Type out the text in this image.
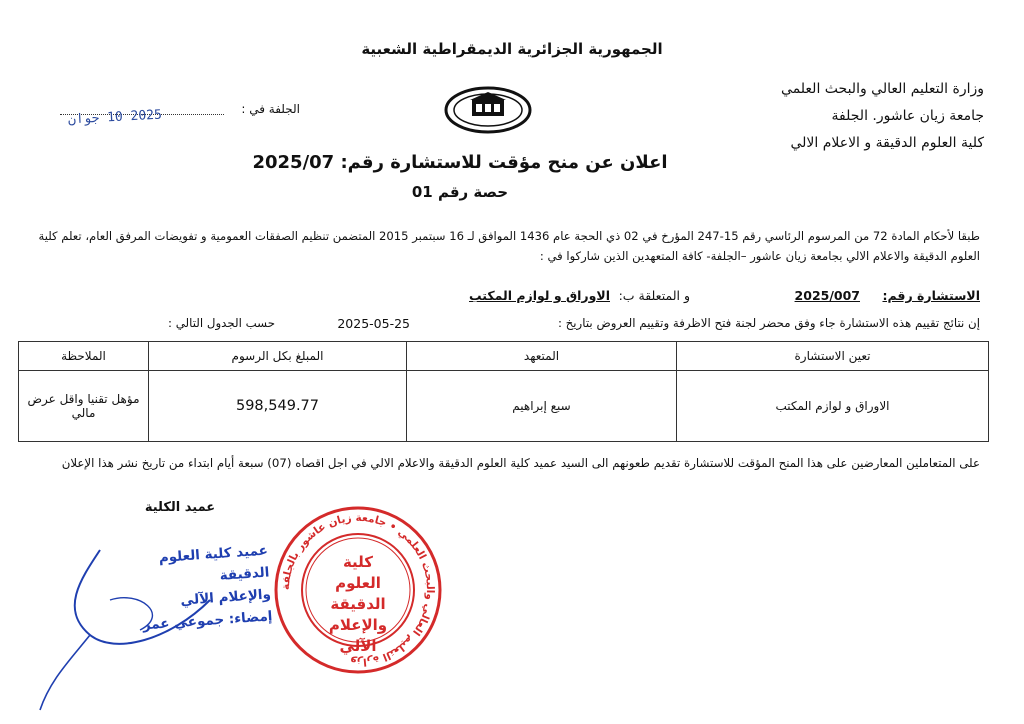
الجمهورية الجزائرية الديمقراطية الشعبية
وزارة التعليم العالي والبحث العلمي
جامعة زيان عاشور. الجلفة
كلية العلوم الدقيقة و الاعلام الالي
الجلفة في :
2025 10 جوان
اعلان عن منح مؤقت للاستشارة رقم: 2025/07
حصة رقم 01
طبقا لأحكام المادة 72 من المرسوم الرئاسي رقم 15-247 المؤرخ في 02 ذي الحجة عام 1436 الموافق لـ 16 سبتمبر 2015 المتضمن تنظيم الصفقات العمومية و تفويضات المرفق العام، تعلم كلية العلوم الدقيقة والاعلام الالي بجامعة زيان عاشور –الجلفة- كافة المتعهدين الذين شاركوا في :
الاستشارة رقم:
2025/007
و المتعلقة ب:
الاوراق و لوازم المكتب
إن نتائج تقييم هذه الاستشارة جاء وفق محضر لجنة فتح الاظرفة وتقييم العروض بتاريخ :
2025-05-25
حسب الجدول التالي :
تعين الاستشارة	المتعهد	المبلغ بكل الرسوم	الملاحظة
الاوراق و لوازم المكتب	سبع إبراهيم	598,549.77	مؤهل تقنيا واقل عرض مالي
على المتعاملين المعارضين على هذا المنح المؤقت للاستشارة تقديم طعونهم الى السيد عميد كلية العلوم الدقيقة والاعلام الالي في اجل اقصاه (07) سبعة أيام ابتداء من تاريخ نشر هذا الإعلان
عميد الكلية
عميد كلية العلوم الدقيقة
والإعلام الآلي
إمضاء: جموعي عمر
وزارة التعليم العالي والبحث العلمي • جامعة زيان عاشور بالجلفة
كلية
العلوم الدقيقة
والإعلام
الآلي
